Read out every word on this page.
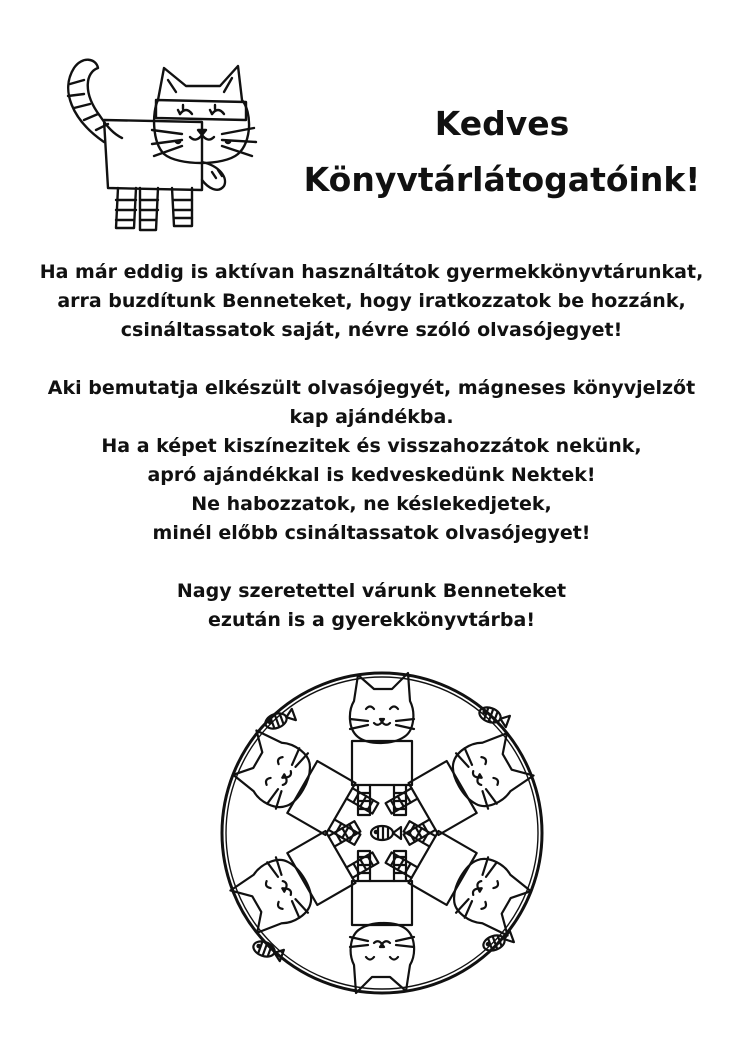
Kedves
Könyvtárlátogatóink!

Ha már eddig is aktívan használtátok gyermekkönyvtárunkat,
arra buzdítunk Benneteket, hogy iratkozzatok be hozzánk,
csináltassatok saját, névre szóló olvasójegyet!

Aki bemutatja elkészült olvasójegyét, mágneses könyvjelzőt
kap ajándékba.
Ha a képet kiszínezitek és visszahozzátok nekünk,
apró ajándékkal is kedveskedünk Nektek!
Ne habozzatok, ne késlekedjetek,
minél előbb csináltassatok olvasójegyet!

Nagy szeretettel várunk Benneteket
ezután is a gyerekkönyvtárba!
